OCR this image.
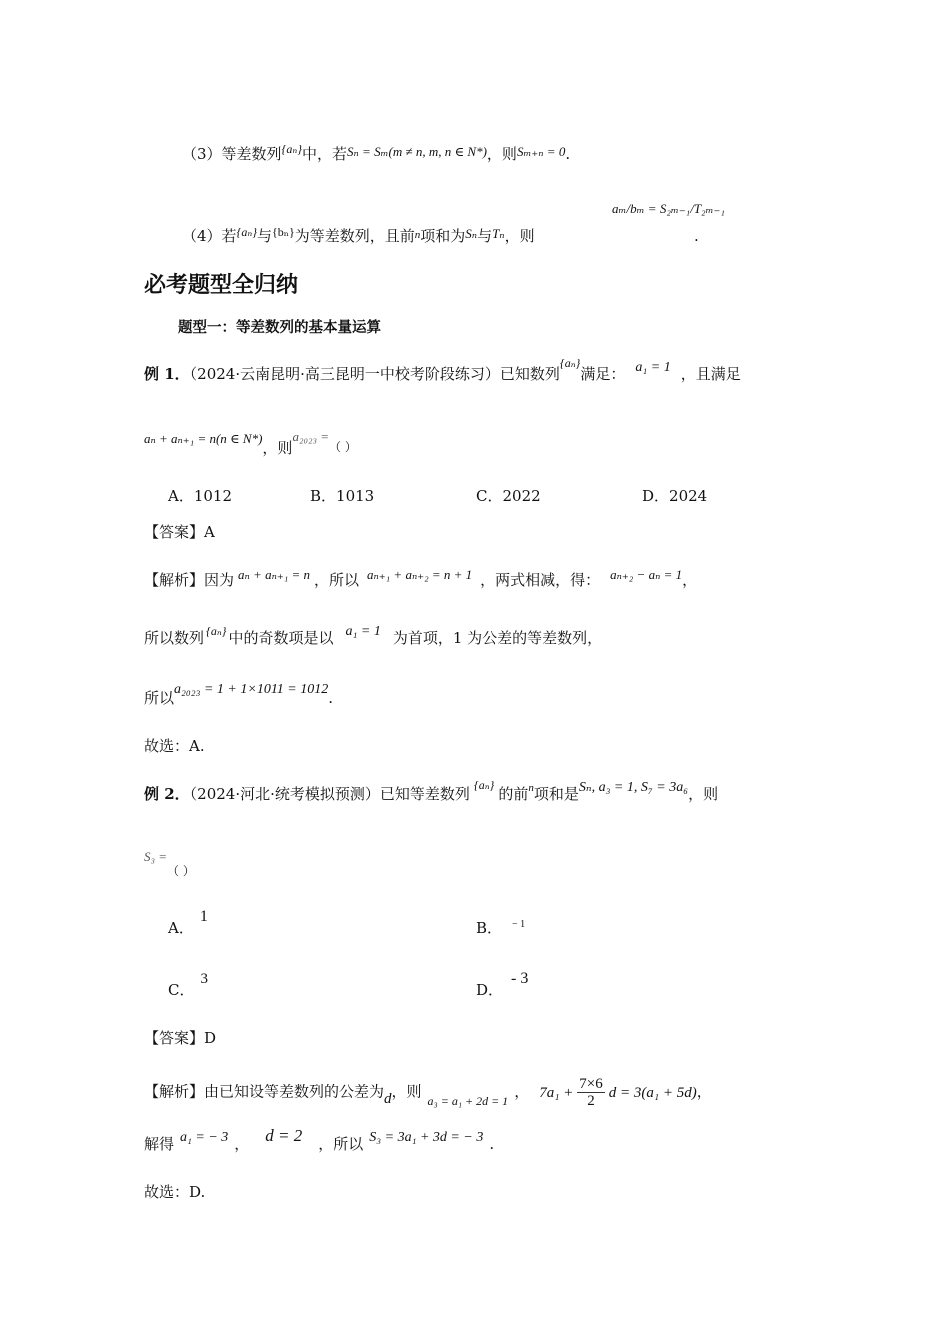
（3）等差数列$^{\{a_n\}}$中，若Sₙ = Sₘ(m ≠ n, m, n ∈ N*)，则Sₘ₊ₙ = 0.
（4）若$^{\{a_n\}}$与$^{\{b_n\}}$为等差数列，且前$^n$项和为Sₙ与Tₙ，则
aₘ/bₘ = S₂ₘ₋₁/T₂ₘ₋₁
.
必考题型全归纳
题型一：等差数列的基本量运算
例 1．（2024·云南昆明·高三昆明一中校考阶段练习）已知数列$^{\{a_n\}}$满足： a₁ = 1 ，且满足
aₙ + aₙ₊₁ = n(n ∈ N*)，则a₂₀₂₃ =（ ）
A．1012	B．1013	C．2022	D．2024
【答案】A
【解析】因为 aₙ + aₙ₊₁ = n ，所以 aₙ₊₁ + aₙ₊₂ = n + 1 ，两式相减，得： aₙ₊₂ − aₙ = 1，
所以数列 $^{\{a_n\}}$ 中的奇数项是以 a₁ = 1 为首项，1 为公差的等差数列，
所以a₂₀₂₃ = 1 + 1×1011 = 1012.
故选：A.
例 2．（2024·河北·统考模拟预测）已知等差数列 $^{\{a_n\}}$ 的前$^n$项和是Sₙ, a₃ = 1, S₇ = 3a₆，则
S₃ =（ ）
A．1
B． $^{- 1}$
C．3
D．- 3
【答案】D
【解析】由已知设等差数列的公差为d，则 $_{a_3 = a_1 + 2d = 1}$ ， $7a_1 + \frac{7\times 6}{2}$ d = 3(a₁ + 5d)，
解得 a₁ = − 3 ， d = 2 ，所以 S₃ = 3a₁ + 3d = − 3 .
故选：D.
